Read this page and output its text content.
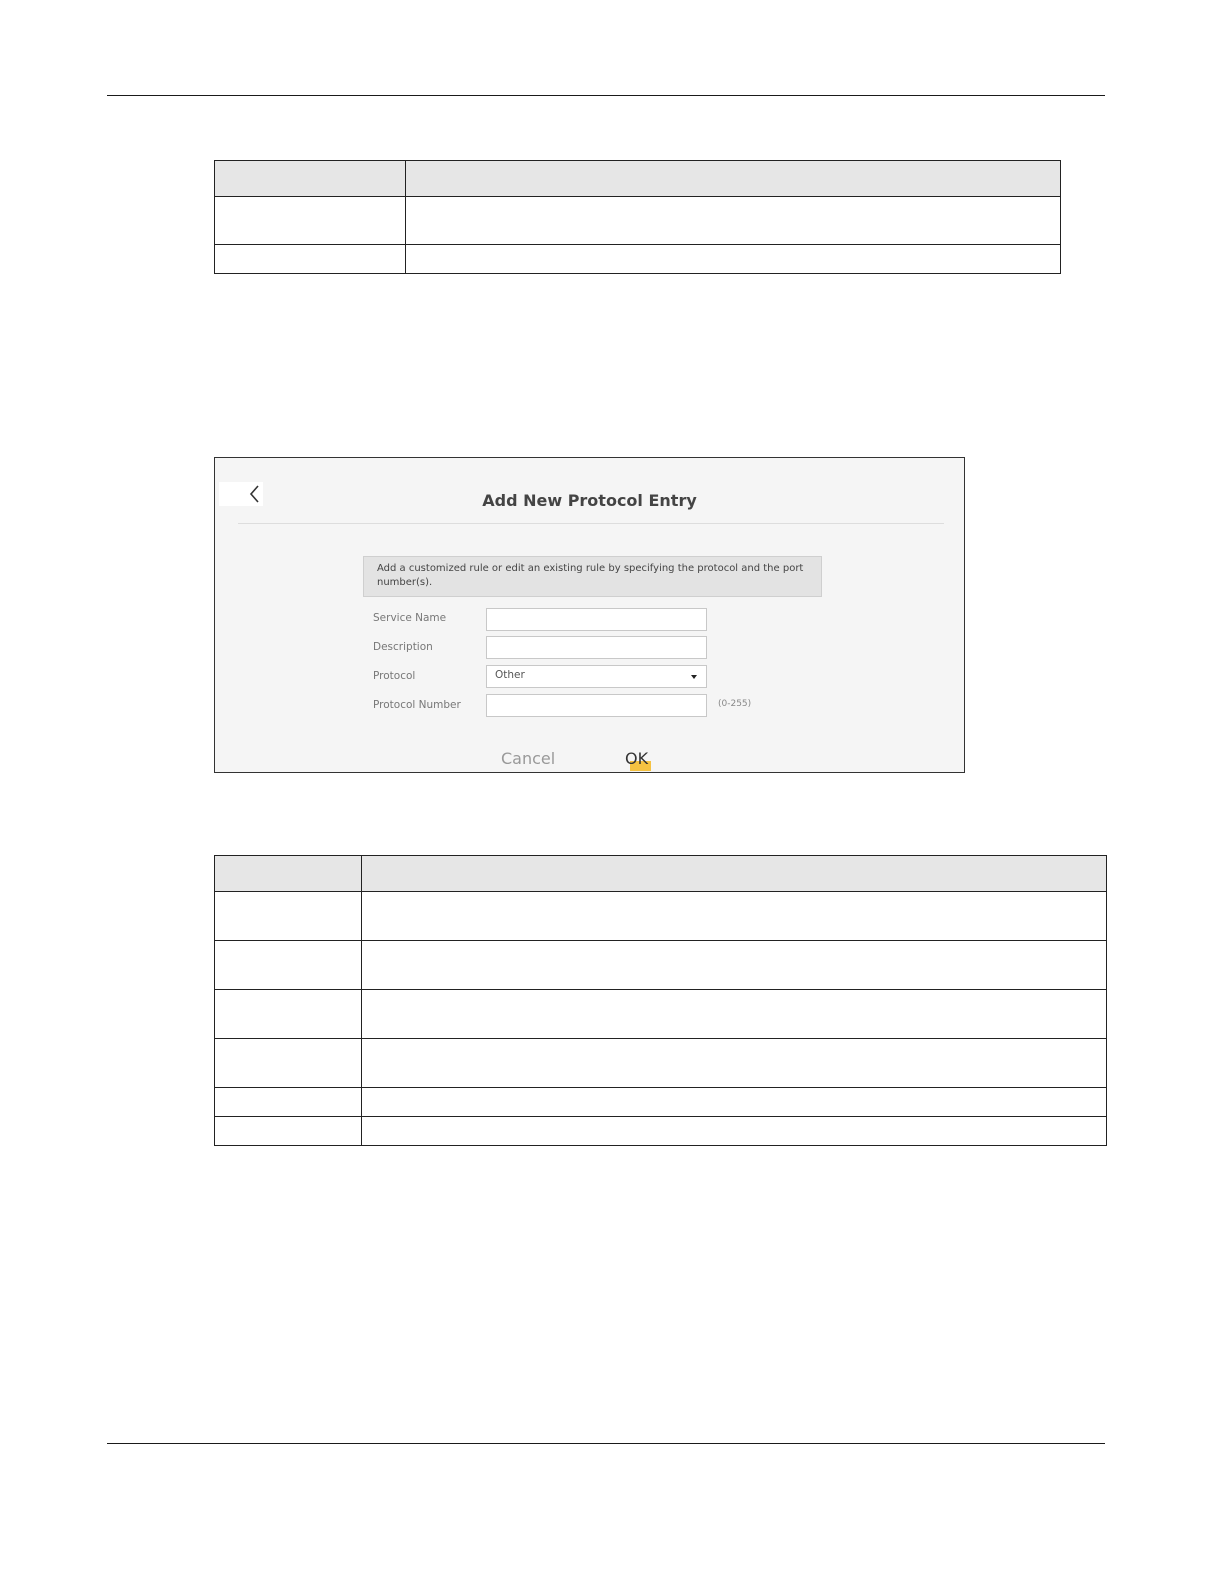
Add New Protocol Entry
Add a customized rule or edit an existing rule by specifying the protocol and the port number(s).
Service Name
Description
Protocol	Other
Protocol Number	(0-255)
Cancel	OK
